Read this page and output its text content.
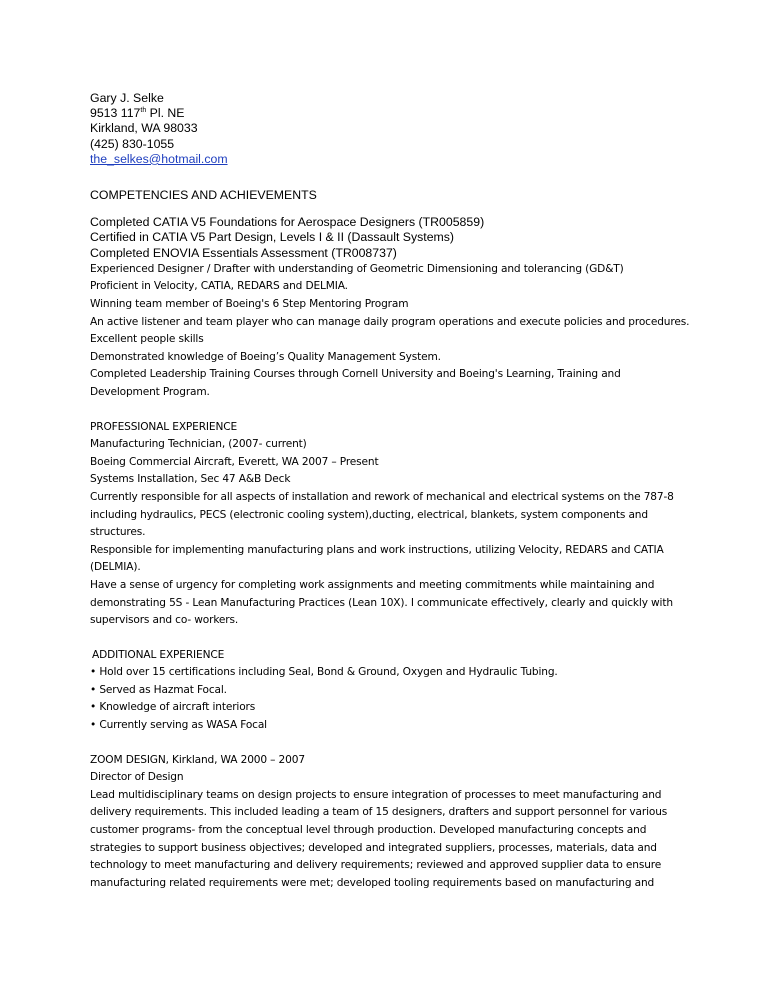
Gary J. Selke
9513 117th Pl. NE
Kirkland, WA 98033
(425) 830-1055
the_selkes@hotmail.com
COMPETENCIES AND ACHIEVEMENTS
Completed CATIA V5 Foundations for Aerospace Designers (TR005859)
Certified in CATIA V5 Part Design, Levels I & II (Dassault Systems)
Completed ENOVIA Essentials Assessment (TR008737)
Experienced Designer / Drafter with understanding of Geometric Dimensioning and tolerancing (GD&T)
Proficient in Velocity, CATIA, REDARS and DELMIA.
Winning team member of Boeing's 6 Step Mentoring Program
An active listener and team player who can manage daily program operations and execute policies and procedures.
Excellent people skills
Demonstrated knowledge of Boeing’s Quality Management System.
Completed Leadership Training Courses through Cornell University and Boeing's Learning, Training and
Development Program.
PROFESSIONAL EXPERIENCE
Manufacturing Technician, (2007- current)
Boeing Commercial Aircraft, Everett, WA 2007 – Present
Systems Installation, Sec 47 A&B Deck
Currently responsible for all aspects of installation and rework of mechanical and electrical systems on the 787-8
including hydraulics, PECS (electronic cooling system),ducting, electrical, blankets, system components and
structures.
Responsible for implementing manufacturing plans and work instructions, utilizing Velocity, REDARS and CATIA
(DELMIA).
Have a sense of urgency for completing work assignments and meeting commitments while maintaining and
demonstrating 5S - Lean Manufacturing Practices (Lean 10X). I communicate effectively, clearly and quickly with
supervisors and co- workers.
ADDITIONAL EXPERIENCE
• Hold over 15 certifications including Seal, Bond & Ground, Oxygen and Hydraulic Tubing.
• Served as Hazmat Focal.
• Knowledge of aircraft interiors
• Currently serving as WASA Focal
ZOOM DESIGN, Kirkland, WA 2000 – 2007
Director of Design
Lead multidisciplinary teams on design projects to ensure integration of processes to meet manufacturing and
delivery requirements. This included leading a team of 15 designers, drafters and support personnel for various
customer programs- from the conceptual level through production. Developed manufacturing concepts and
strategies to support business objectives; developed and integrated suppliers, processes, materials, data and
technology to meet manufacturing and delivery requirements; reviewed and approved supplier data to ensure
manufacturing related requirements were met; developed tooling requirements based on manufacturing and
